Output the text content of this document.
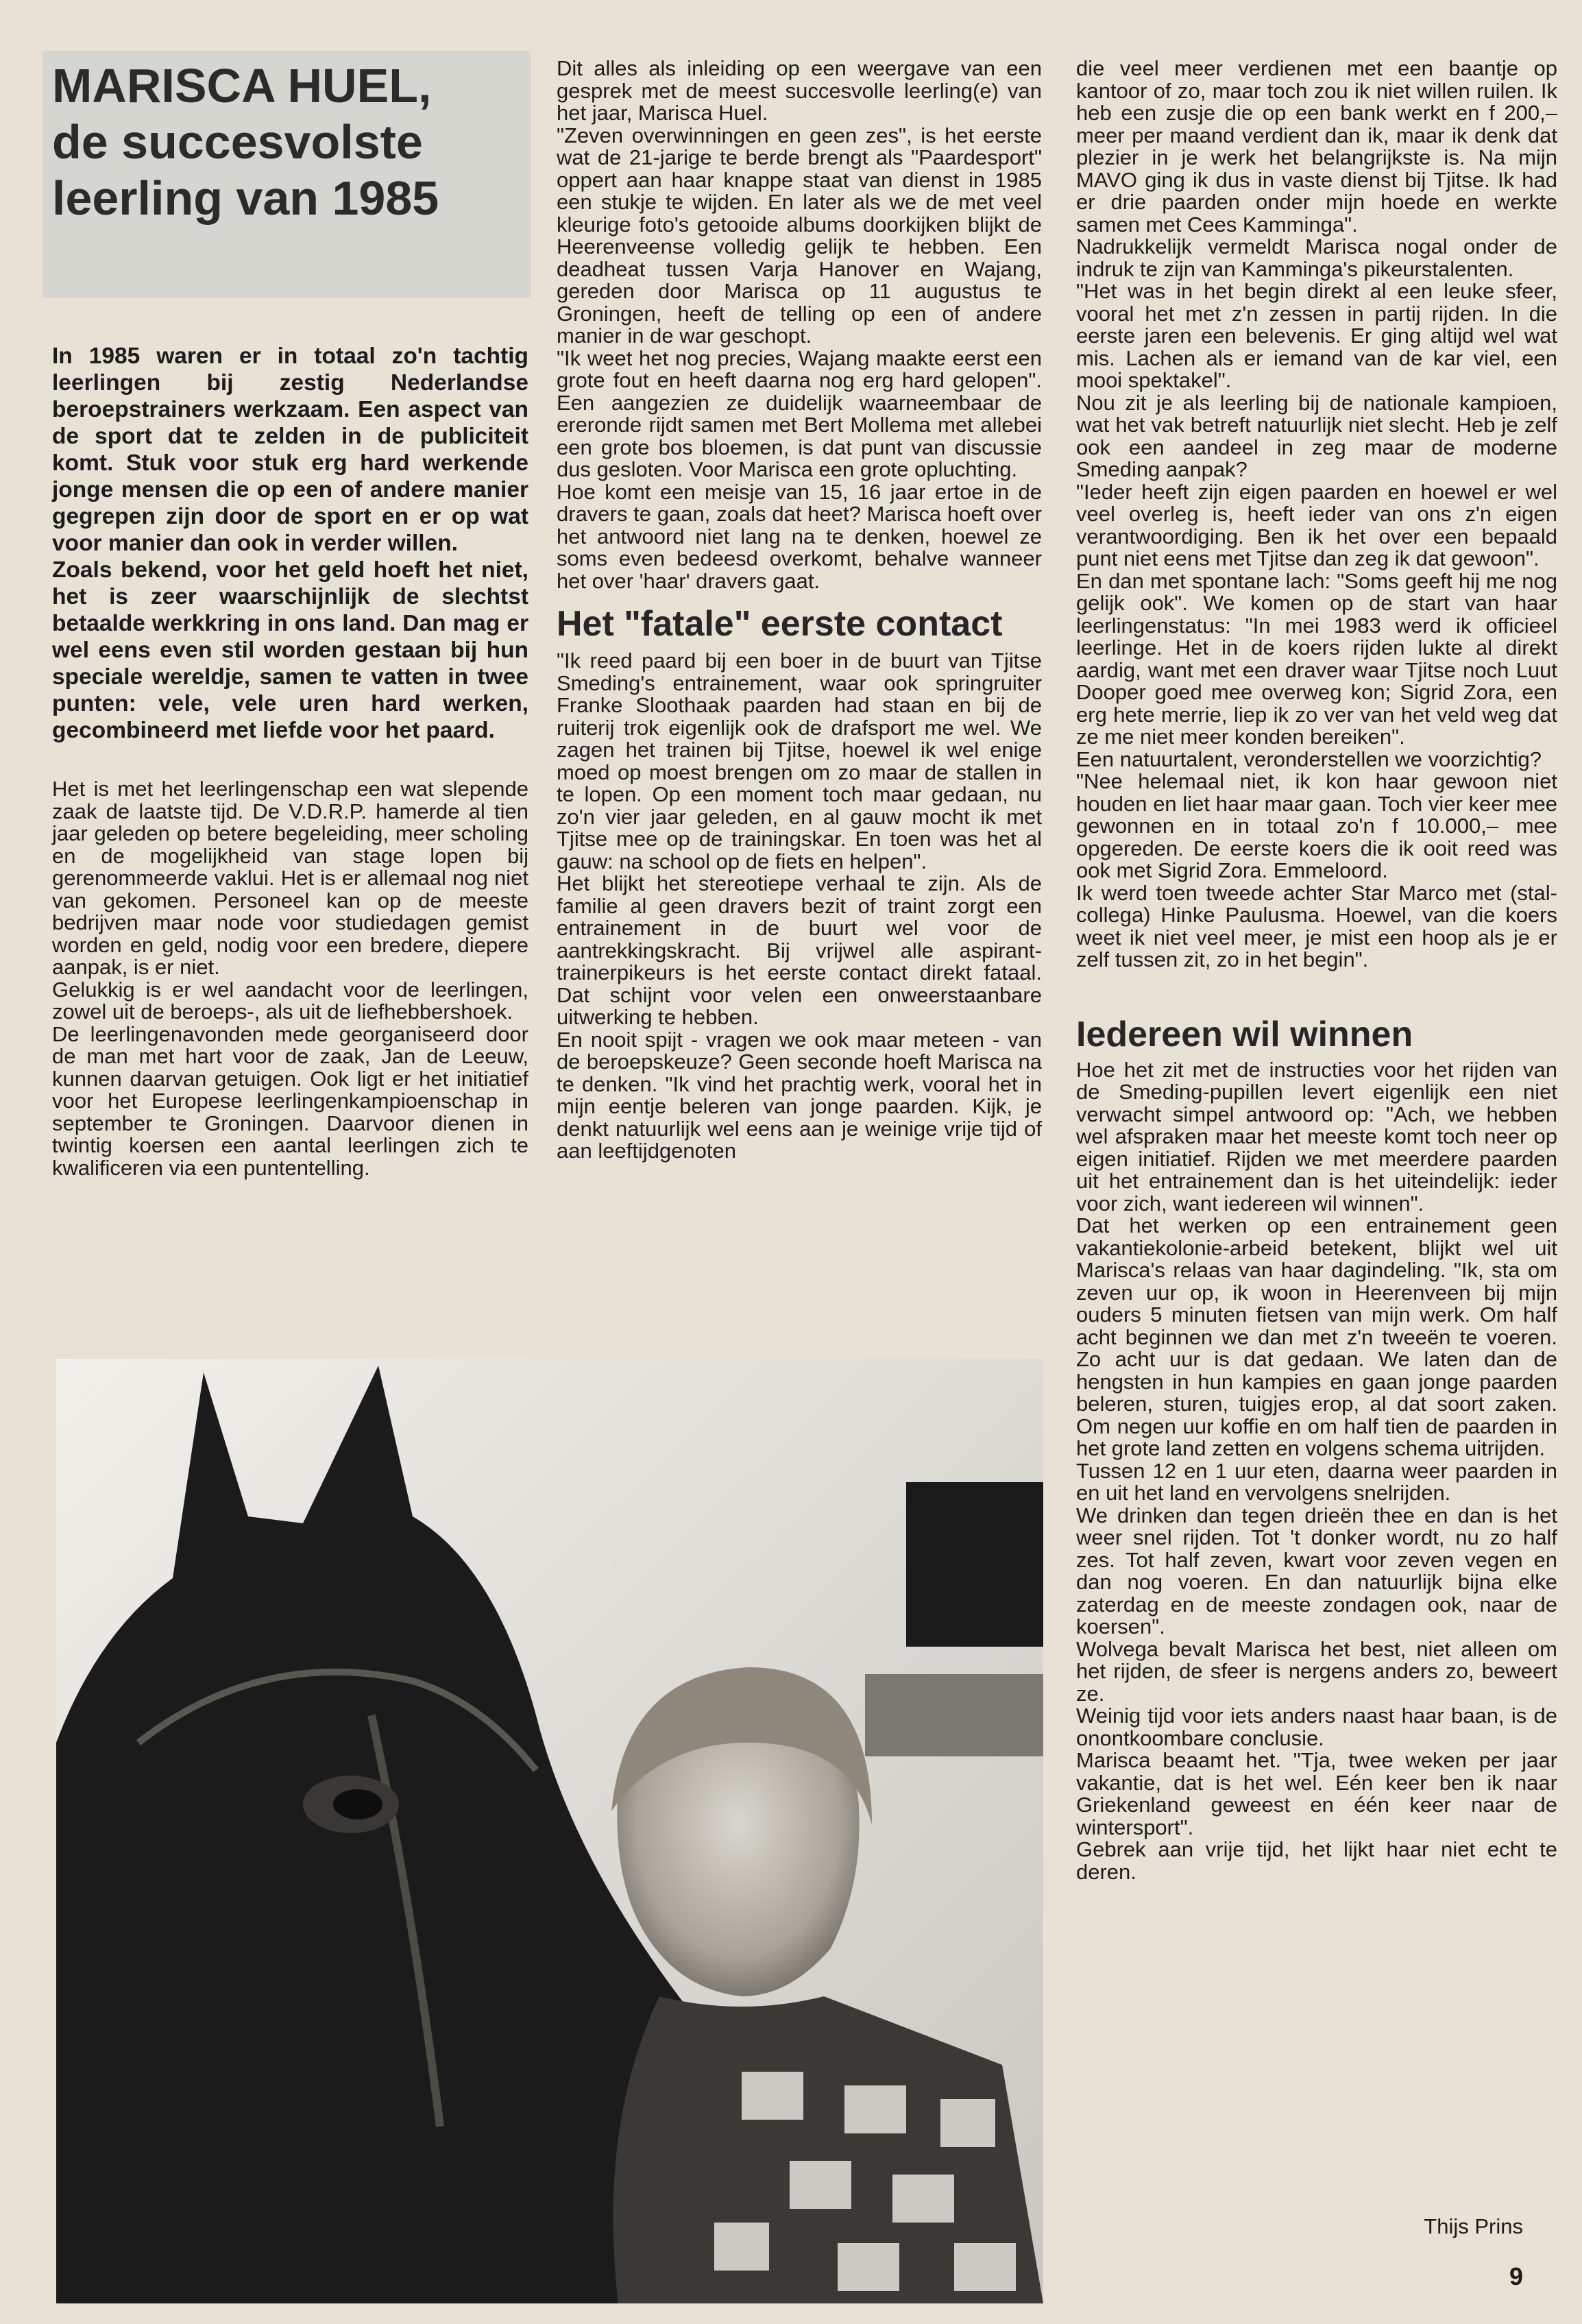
MARISCA HUEL,
de succesvolste
leerling van 1985

In 1985 waren er in totaal zo'n tachtig leerlingen bij zestig Nederlandse beroepstrainers werkzaam. Een aspect van de sport dat te zelden in de publiciteit komt. Stuk voor stuk erg hard werkende jonge mensen die op een of andere manier gegrepen zijn door de sport en er op wat voor manier dan ook in verder willen.

Zoals bekend, voor het geld hoeft het niet, het is zeer waarschijnlijk de slechtst betaalde werkkring in ons land. Dan mag er wel eens even stil worden gestaan bij hun speciale wereldje, samen te vatten in twee punten: vele, vele uren hard werken, gecombineerd met liefde voor het paard.

Het is met het leerlingenschap een wat slepende zaak de laatste tijd. De V.D.R.P. hamerde al tien jaar geleden op betere begeleiding, meer scholing en de mogelijkheid van stage lopen bij gerenommeerde vaklui. Het is er allemaal nog niet van gekomen. Personeel kan op de meeste bedrijven maar node voor studiedagen gemist worden en geld, nodig voor een bredere, diepere aanpak, is er niet.

Gelukkig is er wel aandacht voor de leerlingen, zowel uit de beroeps-, als uit de liefhebbershoek.

De leerlingenavonden mede georganiseerd door de man met hart voor de zaak, Jan de Leeuw, kunnen daarvan getuigen. Ook ligt er het initiatief voor het Europese leerlingenkampioenschap in september te Groningen. Daarvoor dienen in twintig koersen een aantal leerlingen zich te kwalificeren via een puntentelling.

Dit alles als inleiding op een weergave van een gesprek met de meest succesvolle leerling(e) van het jaar, Marisca Huel.

"Zeven overwinningen en geen zes", is het eerste wat de 21-jarige te berde brengt als "Paardesport" oppert aan haar knappe staat van dienst in 1985 een stukje te wijden. En later als we de met veel kleurige foto's getooide albums doorkijken blijkt de Heerenveense volledig gelijk te hebben. Een deadheat tussen Varja Hanover en Wajang, gereden door Marisca op 11 augustus te Groningen, heeft de telling op een of andere manier in de war geschopt.

"Ik weet het nog precies, Wajang maakte eerst een grote fout en heeft daarna nog erg hard gelopen". Een aangezien ze duidelijk waarneembaar de ereronde rijdt samen met Bert Mollema met allebei een grote bos bloemen, is dat punt van discussie dus gesloten. Voor Marisca een grote opluchting.

Hoe komt een meisje van 15, 16 jaar ertoe in de dravers te gaan, zoals dat heet? Marisca hoeft over het antwoord niet lang na te denken, hoewel ze soms even bedeesd overkomt, behalve wanneer het over 'haar' dravers gaat.

Het "fatale" eerste contact

"Ik reed paard bij een boer in de buurt van Tjitse Smeding's entrainement, waar ook springruiter Franke Sloothaak paarden had staan en bij de ruiterij trok eigenlijk ook de drafsport me wel. We zagen het trainen bij Tjitse, hoewel ik wel enige moed op moest brengen om zo maar de stallen in te lopen. Op een moment toch maar gedaan, nu zo'n vier jaar geleden, en al gauw mocht ik met Tjitse mee op de trainingskar. En toen was het al gauw: na school op de fiets en helpen".

Het blijkt het stereotiepe verhaal te zijn. Als de familie al geen dravers bezit of traint zorgt een entrainement in de buurt wel voor de aantrekkingskracht. Bij vrijwel alle aspirant-trainerpikeurs is het eerste contact direkt fataal. Dat schijnt voor velen een onweerstaanbare uitwerking te hebben.

En nooit spijt - vragen we ook maar meteen - van de beroepskeuze? Geen seconde hoeft Marisca na te denken. "Ik vind het prachtig werk, vooral het in mijn eentje beleren van jonge paarden. Kijk, je denkt natuurlijk wel eens aan je weinige vrije tijd of aan leeftijdgenoten

die veel meer verdienen met een baantje op kantoor of zo, maar toch zou ik niet willen ruilen. Ik heb een zusje die op een bank werkt en f 200,– meer per maand verdient dan ik, maar ik denk dat plezier in je werk het belangrijkste is. Na mijn MAVO ging ik dus in vaste dienst bij Tjitse. Ik had er drie paarden onder mijn hoede en werkte samen met Cees Kamminga".

Nadrukkelijk vermeldt Marisca nogal onder de indruk te zijn van Kamminga's pikeurstalenten.

"Het was in het begin direkt al een leuke sfeer, vooral het met z'n zessen in partij rijden. In die eerste jaren een belevenis. Er ging altijd wel wat mis. Lachen als er iemand van de kar viel, een mooi spektakel".

Nou zit je als leerling bij de nationale kampioen, wat het vak betreft natuurlijk niet slecht. Heb je zelf ook een aandeel in zeg maar de moderne Smeding aanpak?

"Ieder heeft zijn eigen paarden en hoewel er wel veel overleg is, heeft ieder van ons z'n eigen verantwoordiging. Ben ik het over een bepaald punt niet eens met Tjitse dan zeg ik dat gewoon".

En dan met spontane lach: "Soms geeft hij me nog gelijk ook". We komen op de start van haar leerlingenstatus: "In mei 1983 werd ik officieel leerlinge. Het in de koers rijden lukte al direkt aardig, want met een draver waar Tjitse noch Luut Dooper goed mee overweg kon; Sigrid Zora, een erg hete merrie, liep ik zo ver van het veld weg dat ze me niet meer konden bereiken".

Een natuurtalent, veronderstellen we voorzichtig?

"Nee helemaal niet, ik kon haar gewoon niet houden en liet haar maar gaan. Toch vier keer mee gewonnen en in totaal zo'n f 10.000,– mee opgereden. De eerste koers die ik ooit reed was ook met Sigrid Zora. Emmeloord.

Ik werd toen tweede achter Star Marco met (stal-collega) Hinke Paulusma. Hoewel, van die koers weet ik niet veel meer, je mist een hoop als je er zelf tussen zit, zo in het begin".

Iedereen wil winnen

Hoe het zit met de instructies voor het rijden van de Smeding-pupillen levert eigenlijk een niet verwacht simpel antwoord op: "Ach, we hebben wel afspraken maar het meeste komt toch neer op eigen initiatief. Rijden we met meerdere paarden uit het entrainement dan is het uiteindelijk: ieder voor zich, want iedereen wil winnen".

Dat het werken op een entrainement geen vakantiekolonie-arbeid betekent, blijkt wel uit Marisca's relaas van haar dagindeling. "Ik, sta om zeven uur op, ik woon in Heerenveen bij mijn ouders 5 minuten fietsen van mijn werk. Om half acht beginnen we dan met z'n tweeën te voeren. Zo acht uur is dat gedaan. We laten dan de hengsten in hun kampies en gaan jonge paarden beleren, sturen, tuigjes erop, al dat soort zaken. Om negen uur koffie en om half tien de paarden in het grote land zetten en volgens schema uitrijden.

Tussen 12 en 1 uur eten, daarna weer paarden in en uit het land en vervolgens snelrijden.

We drinken dan tegen drieën thee en dan is het weer snel rijden. Tot 't donker wordt, nu zo half zes. Tot half zeven, kwart voor zeven vegen en dan nog voeren. En dan natuurlijk bijna elke zaterdag en de meeste zondagen ook, naar de koersen".

Wolvega bevalt Marisca het best, niet alleen om het rijden, de sfeer is nergens anders zo, beweert ze.

Weinig tijd voor iets anders naast haar baan, is de onontkoombare conclusie.

Marisca beaamt het. "Tja, twee weken per jaar vakantie, dat is het wel. Eén keer ben ik naar Griekenland geweest en één keer naar de wintersport".

Gebrek aan vrije tijd, het lijkt haar niet echt te deren.

Thijs Prins
9
